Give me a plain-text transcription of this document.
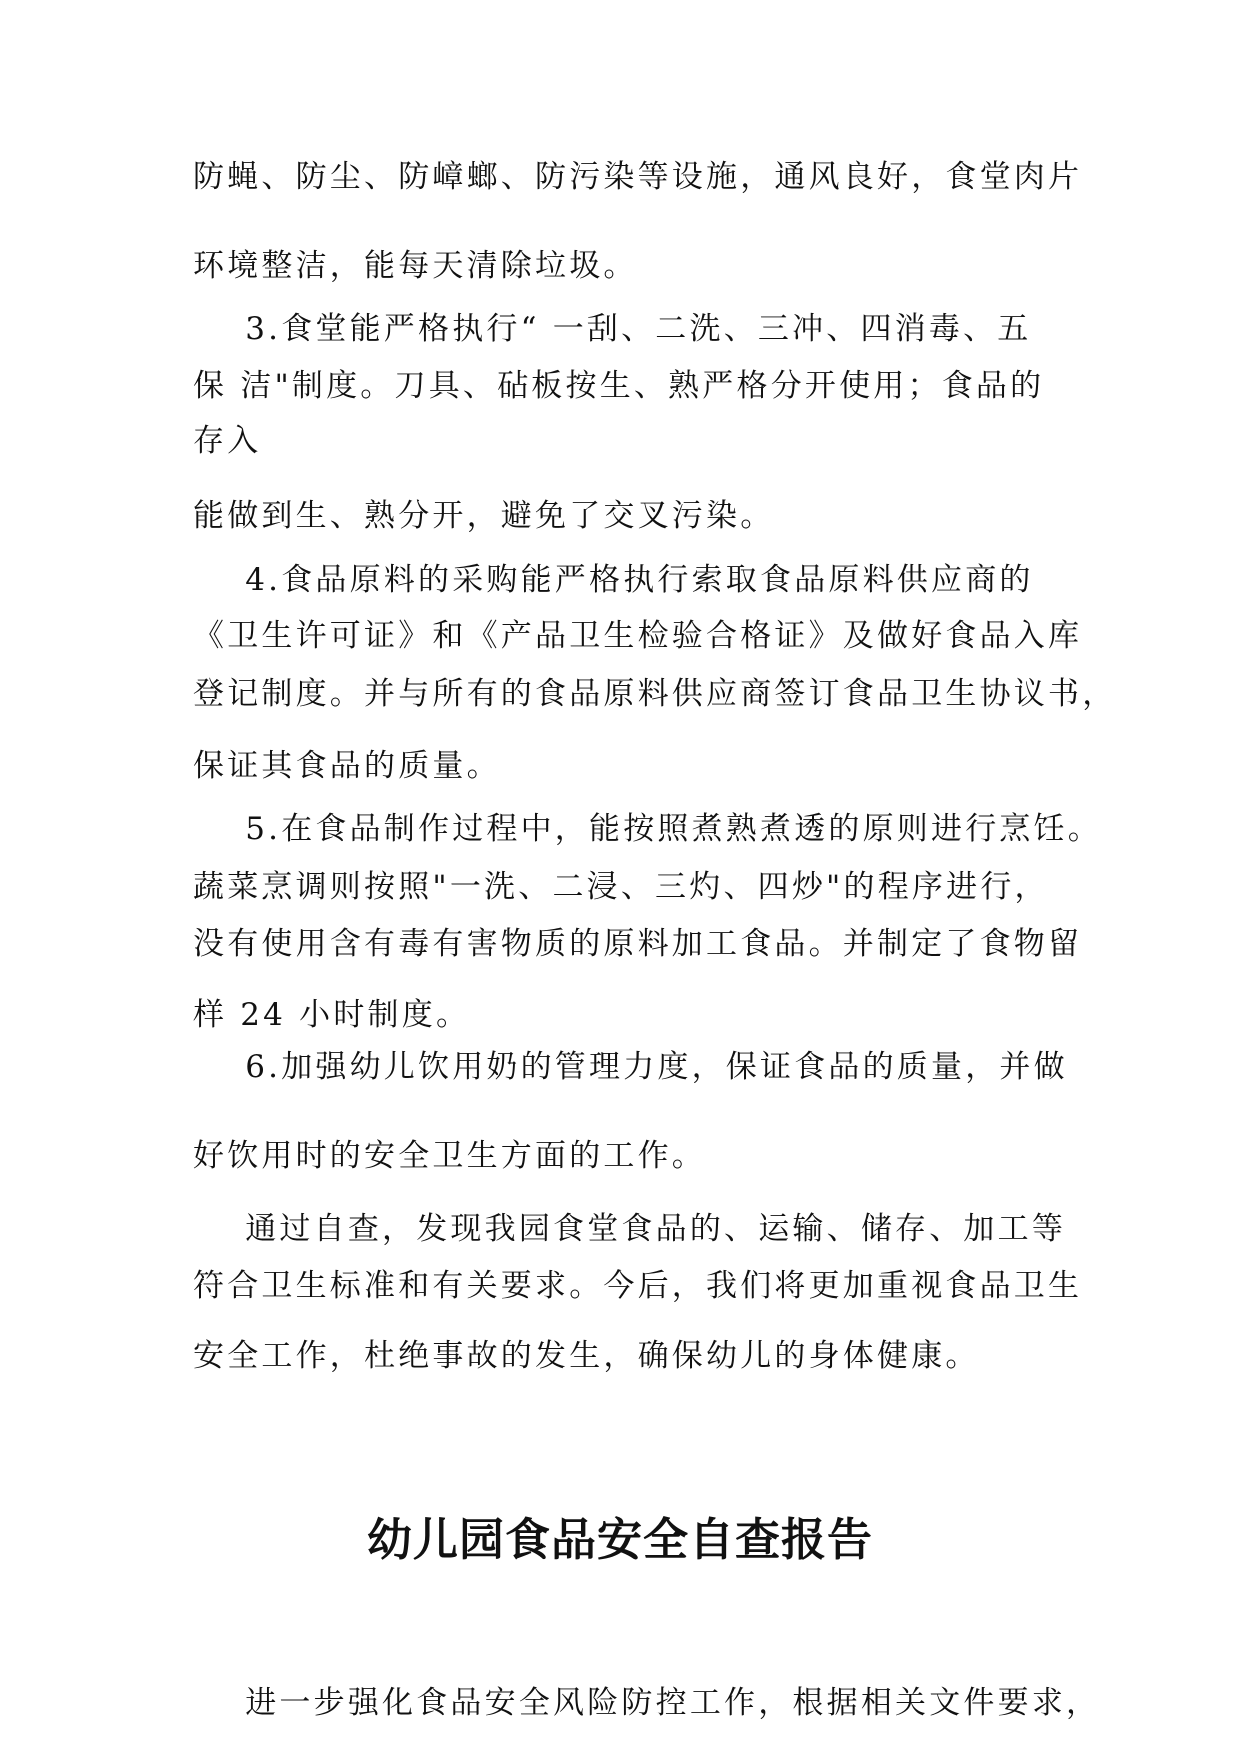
防蝇、防尘、防嶂螂、防污染等设施，通风良好，食堂肉片
环境整洁，能每天清除垃圾。
3.食堂能严格执行“ 一刮、二洗、三冲、四消毒、五
保 洁"制度。刀具、砧板按生、熟严格分开使用；食品的
存入
能做到生、熟分开，避免了交叉污染。
4.食品原料的采购能严格执行索取食品原料供应商的
《卫生许可证》和《产品卫生检验合格证》及做好食品入库
登记制度。并与所有的食品原料供应商签订食品卫生协议书，
保证其食品的质量。
5.在食品制作过程中，能按照煮熟煮透的原则进行烹饪。
蔬菜烹调则按照"一洗、二浸、三灼、四炒"的程序进行，
没有使用含有毒有害物质的原料加工食品。并制定了食物留
样 24 小时制度。
6.加强幼儿饮用奶的管理力度，保证食品的质量，并做
好饮用时的安全卫生方面的工作。
通过自查，发现我园食堂食品的、运输、储存、加工等
符合卫生标准和有关要求。今后，我们将更加重视食品卫生
安全工作，杜绝事故的发生，确保幼儿的身体健康。
幼儿园食品安全自查报告
进一步强化食品安全风险防控工作，根据相关文件要求，
